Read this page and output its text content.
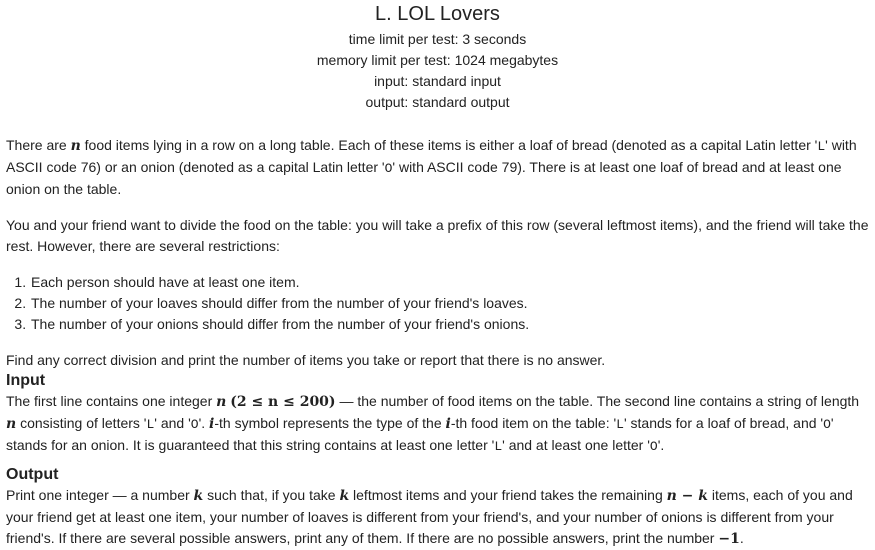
L. LOL Lovers
time limit per test: 3 seconds
memory limit per test: 1024 megabytes
input: standard input
output: standard output

There are n food items lying in a row on a long table. Each of these items is either a loaf of bread (denoted as a capital Latin letter 'L' with ASCII code 76) or an onion (denoted as a capital Latin letter 'O' with ASCII code 79). There is at least one loaf of bread and at least one onion on the table.

You and your friend want to divide the food on the table: you will take a prefix of this row (several leftmost items), and the friend will take the rest. However, there are several restrictions:

1. Each person should have at least one item.
2. The number of your loaves should differ from the number of your friend's loaves.
3. The number of your onions should differ from the number of your friend's onions.

Find any correct division and print the number of items you take or report that there is no answer.

Input

The first line contains one integer n (2 ≤ n ≤ 200) — the number of food items on the table. The second line contains a string of length n consisting of letters 'L' and 'O'. i-th symbol represents the type of the i-th food item on the table: 'L' stands for a loaf of bread, and 'O' stands for an onion. It is guaranteed that this string contains at least one letter 'L' and at least one letter 'O'.

Output

Print one integer — a number k such that, if you take k leftmost items and your friend takes the remaining n − k items, each of you and your friend get at least one item, your number of loaves is different from your friend's, and your number of onions is different from your friend's. If there are several possible answers, print any of them. If there are no possible answers, print the number −1.
